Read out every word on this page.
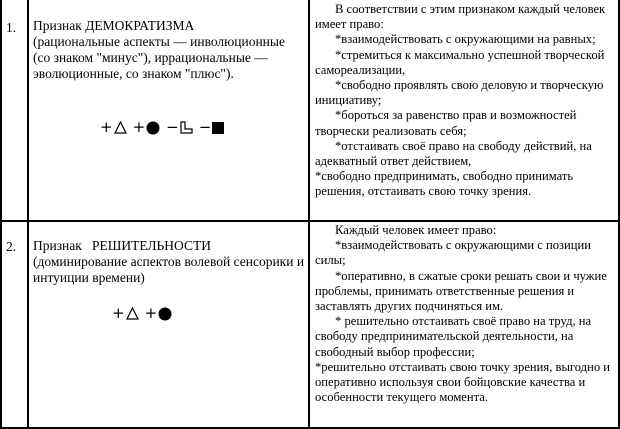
1. Признак ДЕМОКРАТИЗМА
(рациональные аспекты — инволюционные (со знаком "минус"), иррациональные — эволюционные, со знаком "плюс").
+ + − −
В соответствии с этим признаком каждый человек имеет право:
*взаимодействовать с окружающими на равных;
*стремиться к максимально успешной творческой самореализации,
*свободно проявлять свою деловую и творческую инициативу;
*бороться за равенство прав и возможностей творчески реализовать себя;
*отстаивать своё право на свободу действий, на адекватный ответ действием,
*свободно предпринимать, свободно принимать решения, отстаивать свою точку зрения.
2. Признак   РЕШИТЕЛЬНОСТИ
(доминирование аспектов волевой сенсорики и интуиции времени)
+ +
Каждый человек имеет право:
*взаимодействовать с окружающими с позиции силы;
*оперативно, в сжатые сроки решать свои и чужие проблемы, принимать ответственные решения и заставлять других подчиняться им.
* решительно отстаивать своё право на труд, на свободу предпринимательской деятельности, на свободный выбор профессии;
*решительно отстаивать свою точку зрения, выгодно и оперативно используя свои бойцовские качества и особенности текущего момента.
